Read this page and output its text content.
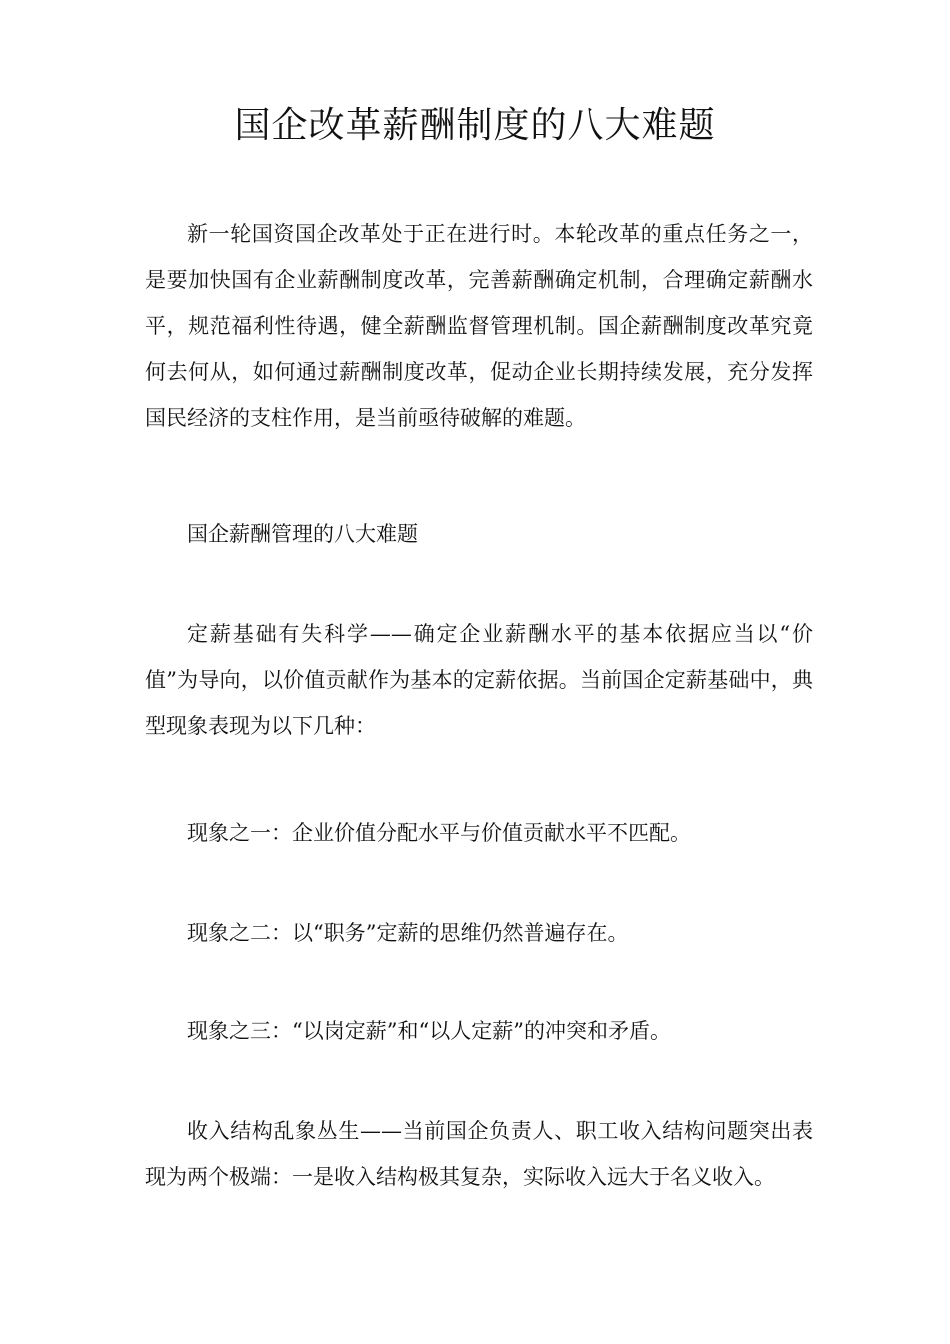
国企改革薪酬制度的八大难题

新一轮国资国企改革处于正在进行时。本轮改革的重点任务之一，是要加快国有企业薪酬制度改革，完善薪酬确定机制，合理确定薪酬水平，规范福利性待遇，健全薪酬监督管理机制。国企薪酬制度改革究竟何去何从，如何通过薪酬制度改革，促动企业长期持续发展，充分发挥国民经济的支柱作用，是当前亟待破解的难题。

国企薪酬管理的八大难题

定薪基础有失科学——确定企业薪酬水平的基本依据应当以“价值”为导向，以价值贡献作为基本的定薪依据。当前国企定薪基础中，典型现象表现为以下几种：

现象之一：企业价值分配水平与价值贡献水平不匹配。

现象之二：以“职务”定薪的思维仍然普遍存在。

现象之三：“以岗定薪”和“以人定薪”的冲突和矛盾。

收入结构乱象丛生——当前国企负责人、职工收入结构问题突出表现为两个极端：一是收入结构极其复杂，实际收入远大于名义收入。
